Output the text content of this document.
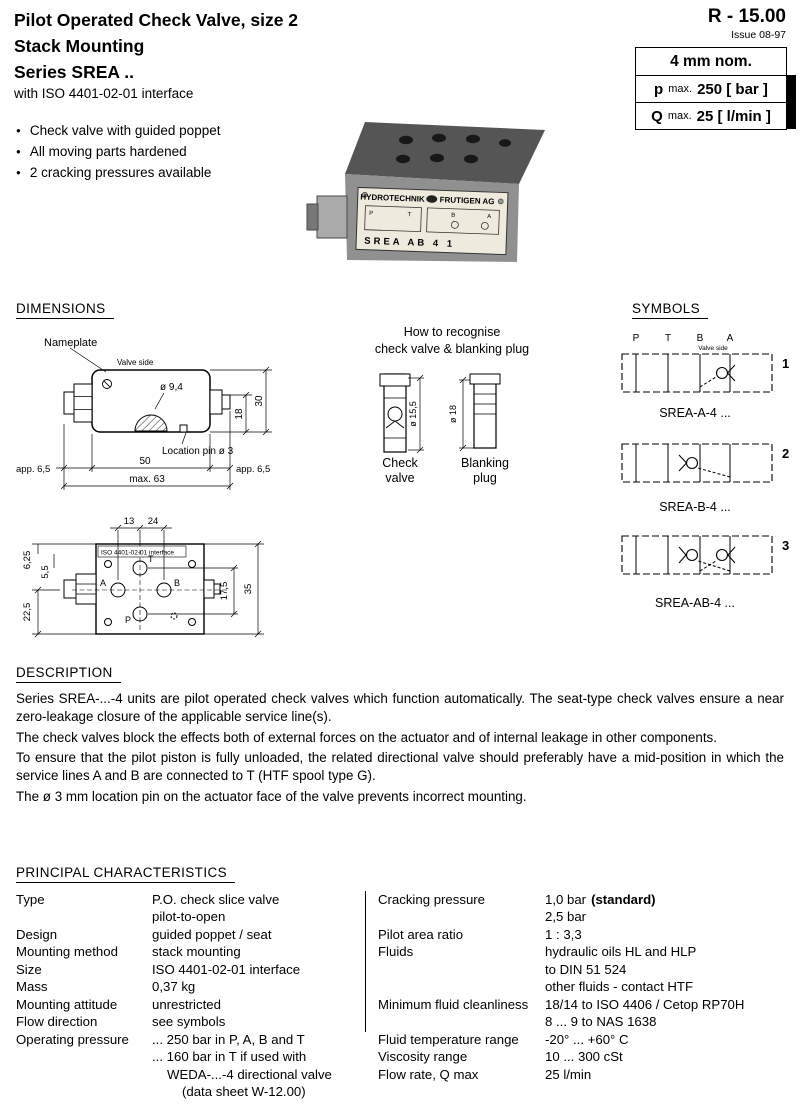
Pilot Operated Check Valve, size 2
Stack Mounting
Series SREA ..
with ISO 4401-02-01 interface
R - 15.00
Issue 08-97
4 mm nom.
p max. 250 [ bar ]
Q max. 25 [ l/min ]
● Check valve with guided poppet
● All moving parts hardened
● 2 cracking pressures available
HYDROTECHNIK FRUTIGEN AG
P	T	B	A
SREA AB 4 1
DIMENSIONS
Nameplate
Valve side
ø 9,4
Location pin ø 3
app. 6,5
50
max. 63
app. 6,5
18
30
ISO 4401-02-01 interface
T
A	B
P
13 24
6,25
5,5
22,5
17,5 35
How to recognise
check valve & blanking plug
ø 15,5	ø 18
Check
valve
Blanking
plug
SYMBOLS
P	T	B A
Valve side
1
SREA-A-4 ...
2
SREA-B-4 ...
3
SREA-AB-4 ...
DESCRIPTION

Series SREA-...-4 units are pilot operated check valves which function automatically. The seat-type check valves ensure a near zero-leakage closure of the applicable service line(s).

The check valves block the effects both of external forces on the actuator and of internal leakage in other components.

To ensure that the pilot piston is fully unloaded, the related directional valve should preferably have a mid-position in which the service lines A and B are connected to T (HTF spool type G).

The ø 3 mm location pin on the actuator face of the valve prevents incorrect mounting.

PRINCIPAL CHARACTERISTICS
Type	P.O. check slice valve
pilot-to-open
Design	guided poppet / seat
Mounting method	stack mounting
Size	ISO 4401-02-01 interface
Mass	0,37 kg
Mounting attitude	unrestricted
Flow direction	see symbols
Operating pressure	... 250 bar in P, A, B and T
... 160 bar in T if used with
WEDA-...-4 directional valve
(data sheet W-12.00)
Cracking pressure	1,0 bar (standard)
2,5 bar
Pilot area ratio	1 : 3,3
Fluids	hydraulic oils HL and HLP
to DIN 51 524
other fluids - contact HTF
Minimum fluid cleanliness	18/14 to ISO 4406 / Cetop RP70H
8 ... 9 to NAS 1638
Fluid temperature range	-20° ... +60° C
Viscosity range	10 ... 300 cSt
Flow rate, Q max	25 l/min
